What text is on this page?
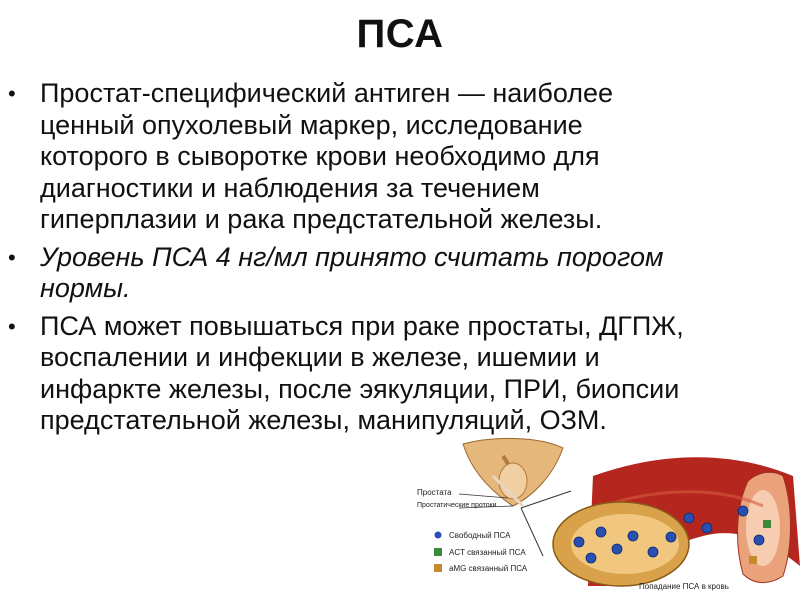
ПСА
• Простат-специфический антиген — наиболее ценный опухолевый маркер, исследование которого в сыворотке крови необходимо для диагностики и наблюдения за течением гиперплазии и рака предстательной железы.
• Уровень ПСА 4 нг/мл принято считать порогом нормы.
• ПСА может повышаться при раке простаты, ДГПЖ, воспалении и инфекции в железе, ишемии и инфаркте железы, после эякуляции, ПРИ, биопсии предстательной железы, манипуляций, ОЗМ.
Простата
Простатические протоки
Свободный ПСА
ACT связанный ПСА
aMG связанный ПСА
Попадание ПСА в кровь
